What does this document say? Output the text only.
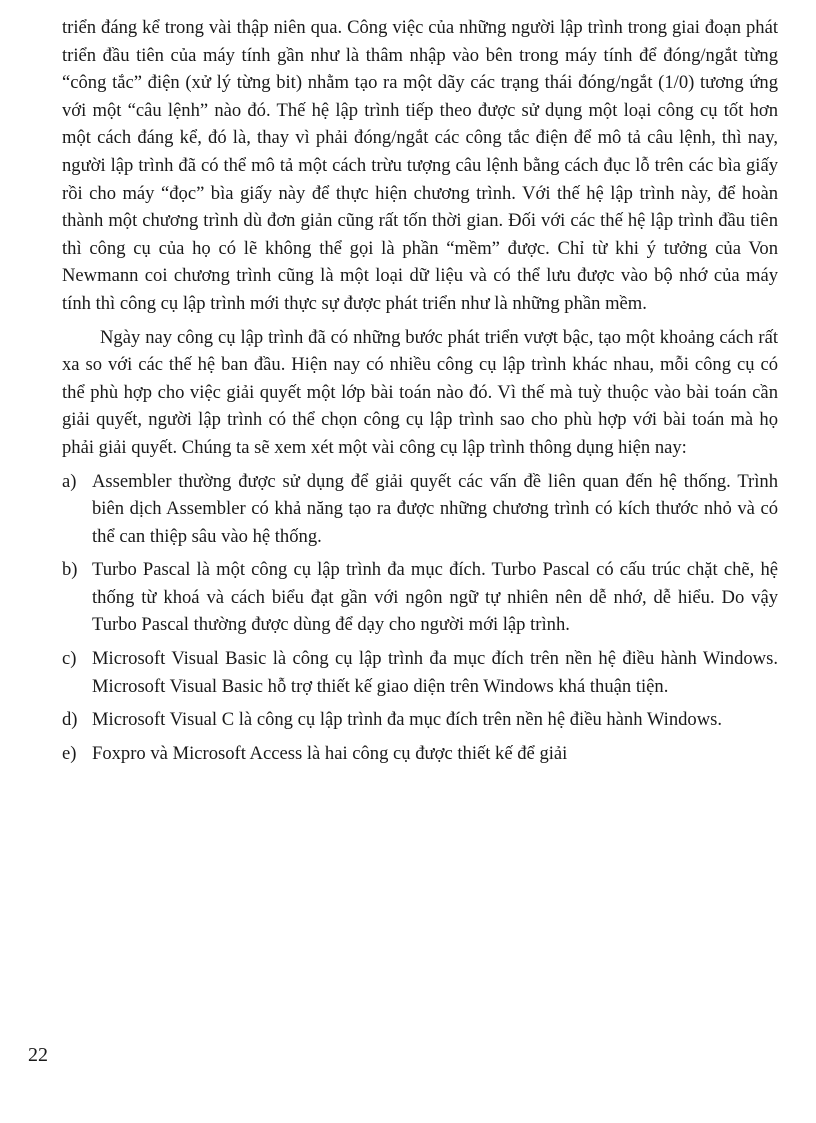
triển đáng kể trong vài thập niên qua. Công việc của những người lập trình trong giai đoạn phát triển đầu tiên của máy tính gần như là thâm nhập vào bên trong máy tính để đóng/ngắt từng “công tắc” điện (xử lý từng bit) nhằm tạo ra một dãy các trạng thái đóng/ngắt (1/0) tương ứng với một “câu lệnh” nào đó. Thế hệ lập trình tiếp theo được sử dụng một loại công cụ tốt hơn một cách đáng kể, đó là, thay vì phải đóng/ngắt các công tắc điện để mô tả câu lệnh, thì nay, người lập trình đã có thể mô tả một cách trừu tượng câu lệnh bằng cách đục lỗ trên các bìa giấy rồi cho máy “đọc” bìa giấy này để thực hiện chương trình. Với thế hệ lập trình này, để hoàn thành một chương trình dù đơn giản cũng rất tốn thời gian. Đối với các thế hệ lập trình đầu tiên thì công cụ của họ có lẽ không thể gọi là phần “mềm” được. Chỉ từ khi ý tưởng của Von Newmann coi chương trình cũng là một loại dữ liệu và có thể lưu được vào bộ nhớ của máy tính thì công cụ lập trình mới thực sự được phát triển như là những phần mềm.

Ngày nay công cụ lập trình đã có những bước phát triển vượt bậc, tạo một khoảng cách rất xa so với các thế hệ ban đầu. Hiện nay có nhiều công cụ lập trình khác nhau, mỗi công cụ có thể phù hợp cho việc giải quyết một lớp bài toán nào đó. Vì thế mà tuỳ thuộc vào bài toán cần giải quyết, người lập trình có thể chọn công cụ lập trình sao cho phù hợp với bài toán mà họ phải giải quyết. Chúng ta sẽ xem xét một vài công cụ lập trình thông dụng hiện nay:

a) Assembler thường được sử dụng để giải quyết các vấn đề liên quan đến hệ thống. Trình biên dịch Assembler có khả năng tạo ra được những chương trình có kích thước nhỏ và có thể can thiệp sâu vào hệ thống.
b) Turbo Pascal là một công cụ lập trình đa mục đích. Turbo Pascal có cấu trúc chặt chẽ, hệ thống từ khoá và cách biểu đạt gần với ngôn ngữ tự nhiên nên dễ nhớ, dễ hiểu. Do vậy Turbo Pascal thường được dùng để dạy cho người mới lập trình.
c) Microsoft Visual Basic là công cụ lập trình đa mục đích trên nền hệ điều hành Windows. Microsoft Visual Basic hỗ trợ thiết kế giao diện trên Windows khá thuận tiện.
d) Microsoft Visual C là công cụ lập trình đa mục đích trên nền hệ điều hành Windows.
e) Foxpro và Microsoft Access là hai công cụ được thiết kế để giải
22
